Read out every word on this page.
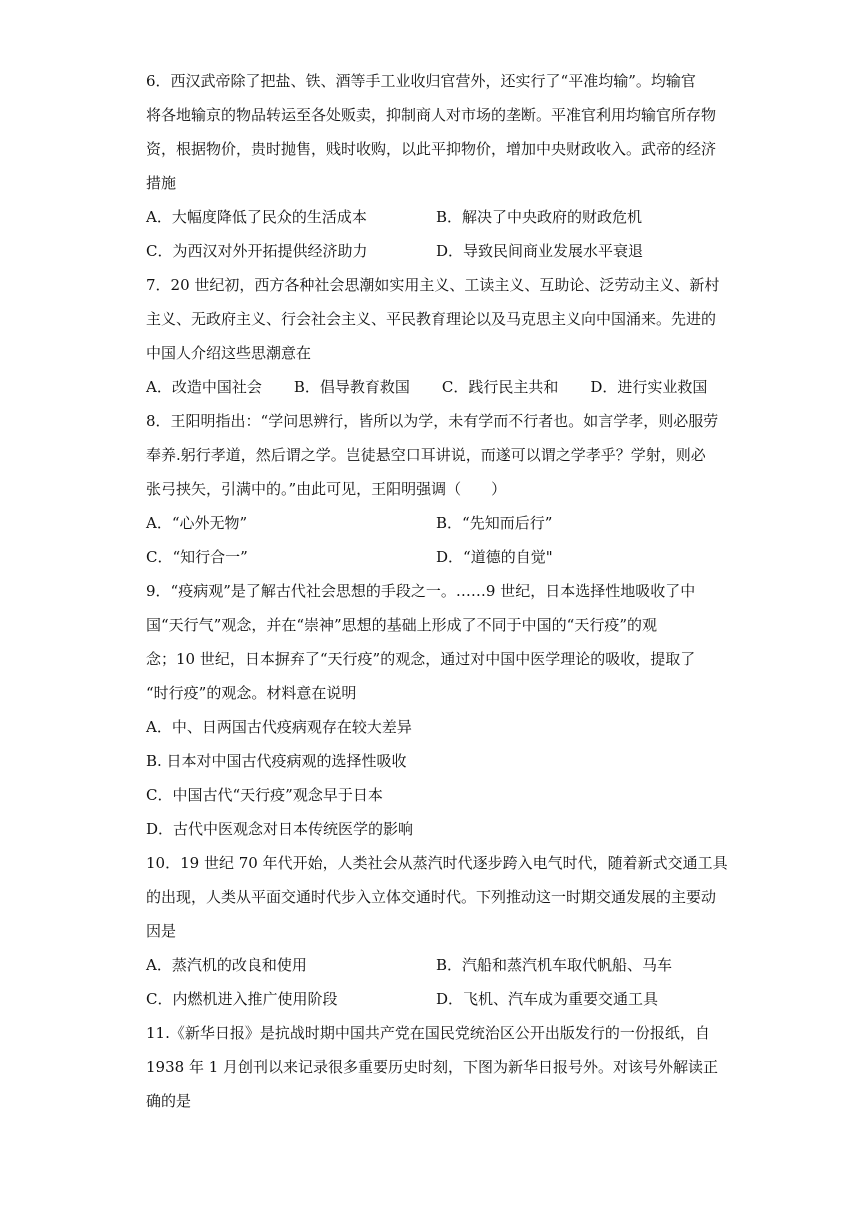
6．西汉武帝除了把盐、铁、酒等手工业收归官营外，还实行了“平准均输”。均输官

将各地输京的物品转运至各处贩卖，抑制商人对市场的垄断。平准官利用均输官所存物

资，根据物价，贵时抛售，贱时收购，以此平抑物价，增加中央财政收入。武帝的经济

措施

A．大幅度降低了民众的生活成本	B．解决了中央政府的财政危机
C．为西汉对外开拓提供经济助力	D．导致民间商业发展水平衰退

7．20 世纪初，西方各种社会思潮如实用主义、工读主义、互助论、泛劳动主义、新村

主义、无政府主义、行会社会主义、平民教育理论以及马克思主义向中国涌来。先进的

中国人介绍这些思潮意在

A．改造中国社会 B．倡导教育救国 C．践行民主共和 D．进行实业救国

8．王阳明指出：“学问思辨行，皆所以为学，未有学而不行者也。如言学孝，则必服劳

奉养.躬行孝道，然后谓之学。岂徒悬空口耳讲说，而遂可以谓之学孝乎？学射，则必

张弓挟矢，引满中的。”由此可见，王阳明强调（　　）

A．“心外无物”	B．“先知而后行”
C．“知行合一”	D．“道德的自觉"

9．“疫病观”是了解古代社会思想的手段之一。……9 世纪，日本选择性地吸收了中

国“天行气”观念，并在“崇神”思想的基础上形成了不同于中国的“天行疫”的观

念；10 世纪，日本摒弃了“天行疫”的观念，通过对中国中医学理论的吸收，提取了

“时行疫”的观念。材料意在说明

A．中、日两国古代疫病观存在较大差异
B. 日本对中国古代疫病观的选择性吸收
C．中国古代“天行疫”观念早于日本
D．古代中医观念对日本传统医学的影响

10．19 世纪 70 年代开始，人类社会从蒸汽时代逐步跨入电气时代，随着新式交通工具

的出现，人类从平面交通时代步入立体交通时代。下列推动这一时期交通发展的主要动

因是

A．蒸汽机的改良和使用	B．汽船和蒸汽机车取代帆船、马车
C．内燃机进入推广使用阶段	D．飞机、汽车成为重要交通工具

11.《新华日报》是抗战时期中国共产党在国民党统治区公开出版发行的一份报纸，自

1938 年 1 月创刊以来记录很多重要历史时刻，下图为新华日报号外。对该号外解读正

确的是
